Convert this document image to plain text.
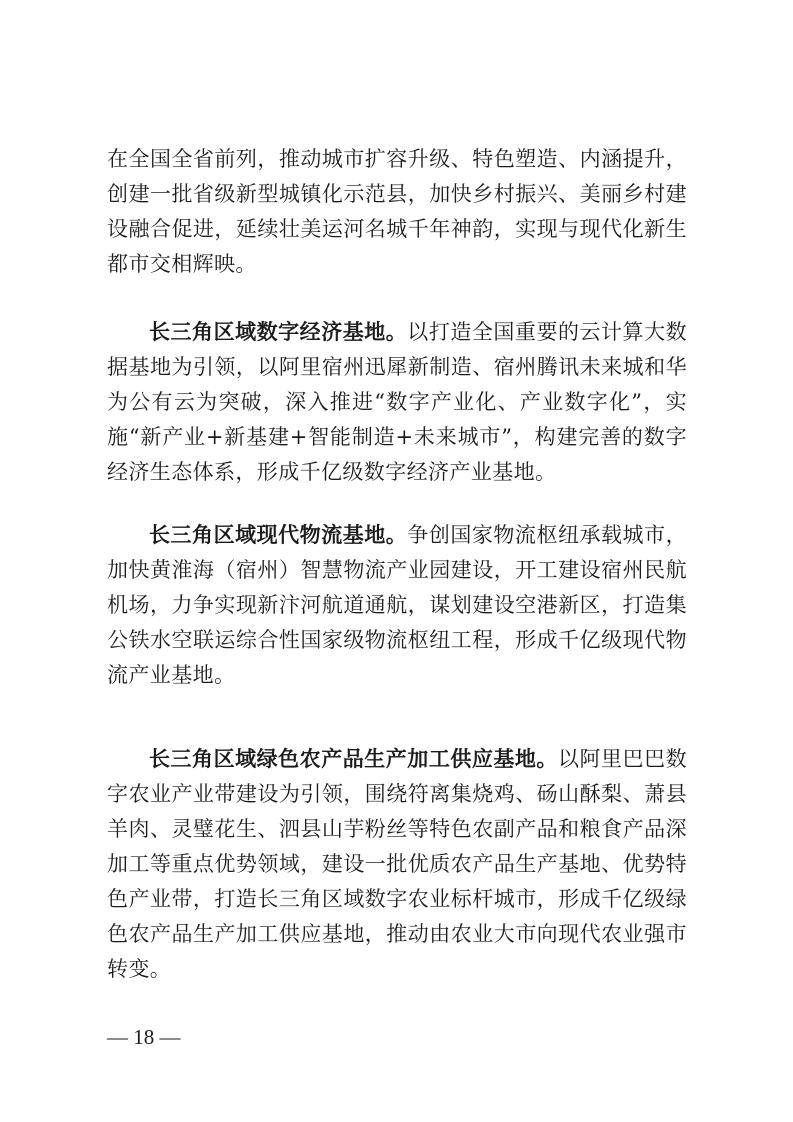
在全国全省前列，推动城市扩容升级、特色塑造、内涵提升，创建一批省级新型城镇化示范县，加快乡村振兴、美丽乡村建设融合促进，延续壮美运河名城千年神韵，实现与现代化新生都市交相辉映。

长三角区域数字经济基地。以打造全国重要的云计算大数据基地为引领，以阿里宿州迅犀新制造、宿州腾讯未来城和华为公有云为突破，深入推进“数字产业化、产业数字化”，实施“新产业+新基建+智能制造+未来城市”，构建完善的数字经济生态体系，形成千亿级数字经济产业基地。

长三角区域现代物流基地。争创国家物流枢纽承载城市，加快黄淮海（宿州）智慧物流产业园建设，开工建设宿州民航机场，力争实现新汴河航道通航，谋划建设空港新区，打造集公铁水空联运综合性国家级物流枢纽工程，形成千亿级现代物流产业基地。

长三角区域绿色农产品生产加工供应基地。以阿里巴巴数字农业产业带建设为引领，围绕符离集烧鸡、砀山酥梨、萧县羊肉、灵璧花生、泗县山芋粉丝等特色农副产品和粮食产品深加工等重点优势领域，建设一批优质农产品生产基地、优势特色产业带，打造长三角区域数字农业标杆城市，形成千亿级绿色农产品生产加工供应基地，推动由农业大市向现代农业强市转变。

— 18 —
